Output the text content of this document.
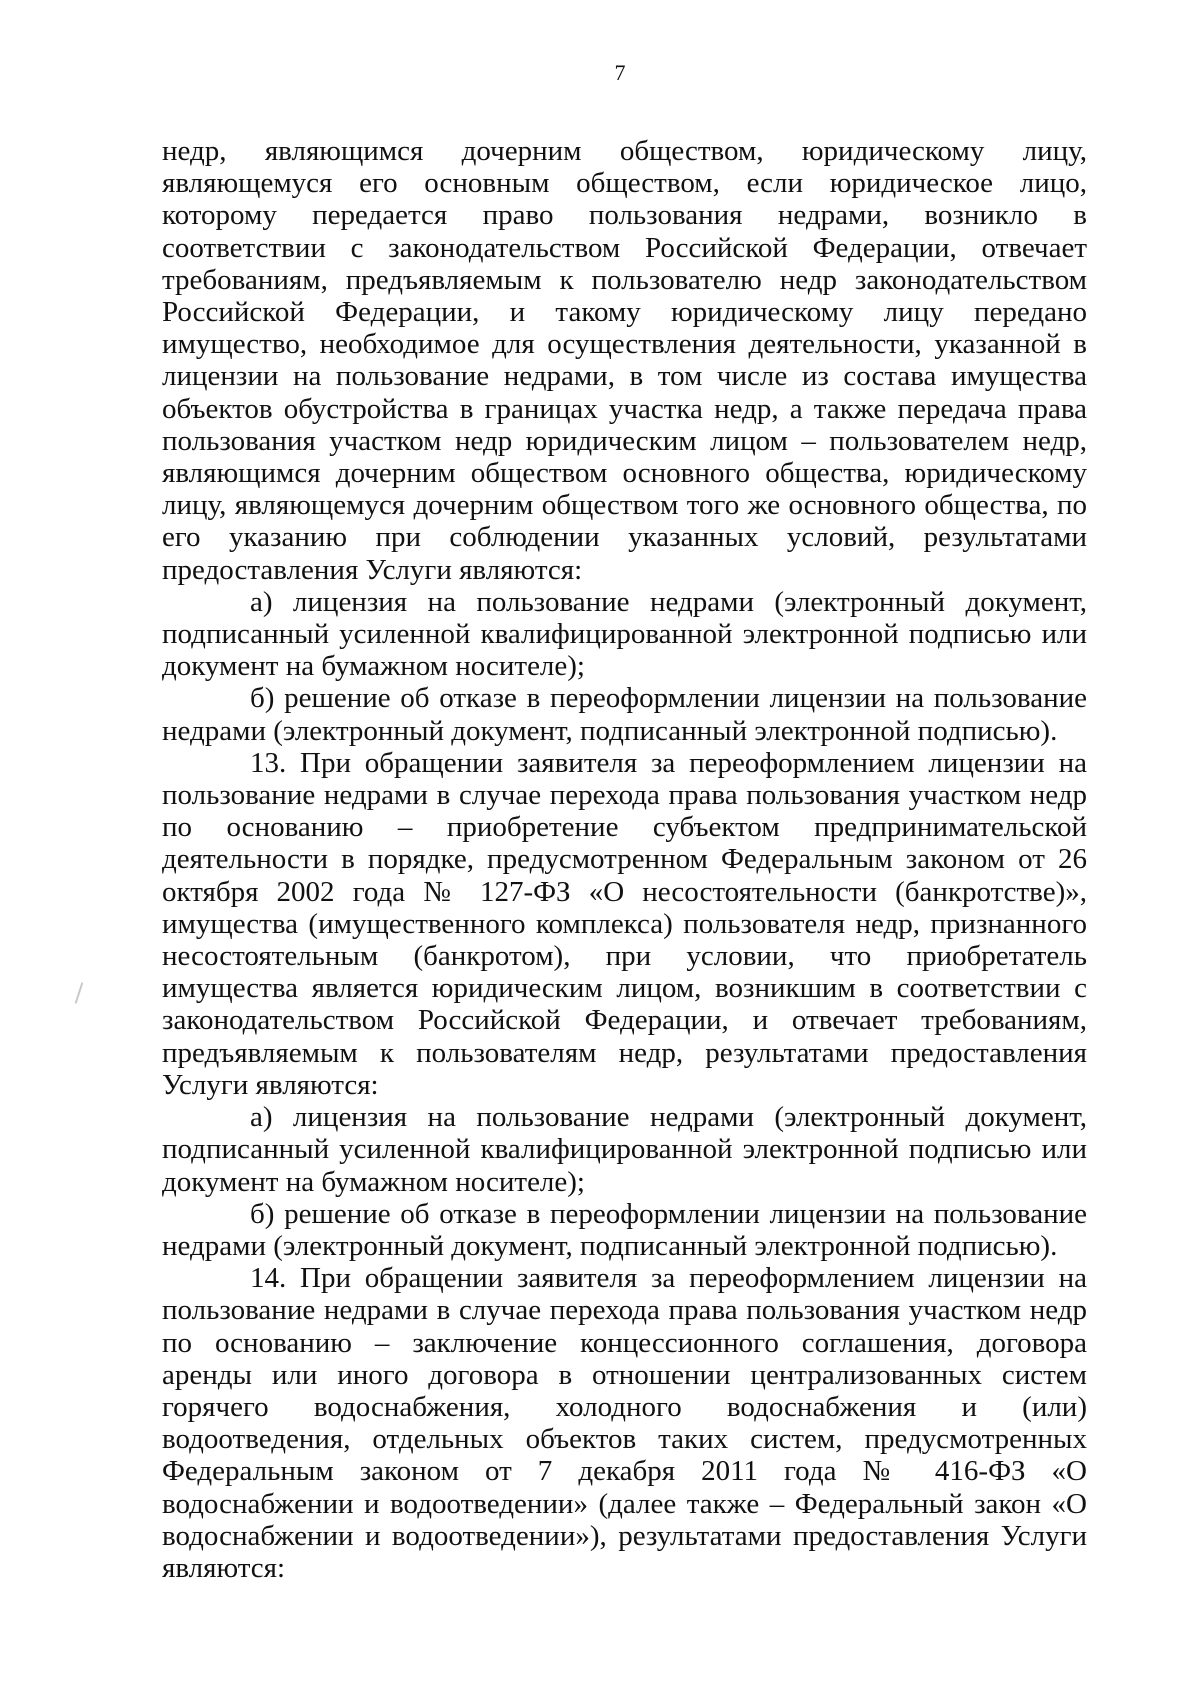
7

недр, являющимся дочерним обществом, юридическому лицу, являющемуся его основным обществом, если юридическое лицо, которому передается право пользования недрами, возникло в соответствии с законодательством Российской Федерации, отвечает требованиям, предъявляемым к пользователю недр законодательством Российской Федерации, и такому юридическому лицу передано имущество, необходимое для осуществления деятельности, указанной в лицензии на пользование недрами, в том числе из состава имущества объектов обустройства в границах участка недр, а также передача права пользования участком недр юридическим лицом – пользователем недр, являющимся дочерним обществом основного общества, юридическому лицу, являющемуся дочерним обществом того же основного общества, по его указанию при соблюдении указанных условий, результатами предоставления Услуги являются:

а) лицензия на пользование недрами (электронный документ, подписанный усиленной квалифицированной электронной подписью или документ на бумажном носителе);

б) решение об отказе в переоформлении лицензии на пользование недрами (электронный документ, подписанный электронной подписью).

13. При обращении заявителя за переоформлением лицензии на пользование недрами в случае перехода права пользования участком недр по основанию – приобретение субъектом предпринимательской деятельности в порядке, предусмотренном Федеральным законом от 26 октября 2002 года № 127-ФЗ «О несостоятельности (банкротстве)», имущества (имущественного комплекса) пользователя недр, признанного несостоятельным (банкротом), при условии, что приобретатель имущества является юридическим лицом, возникшим в соответствии с законодательством Российской Федерации, и отвечает требованиям, предъявляемым к пользователям недр, результатами предоставления Услуги являются:

а) лицензия на пользование недрами (электронный документ, подписанный усиленной квалифицированной электронной подписью или документ на бумажном носителе);

б) решение об отказе в переоформлении лицензии на пользование недрами (электронный документ, подписанный электронной подписью).

14. При обращении заявителя за переоформлением лицензии на пользование недрами в случае перехода права пользования участком недр по основанию – заключение концессионного соглашения, договора аренды или иного договора в отношении централизованных систем горячего водоснабжения, холодного водоснабжения и (или) водоотведения, отдельных объектов таких систем, предусмотренных Федеральным законом от 7 декабря 2011 года № 416-ФЗ «О водоснабжении и водоотведении» (далее также – Федеральный закон «О водоснабжении и водоотведении»), результатами предоставления Услуги являются:
